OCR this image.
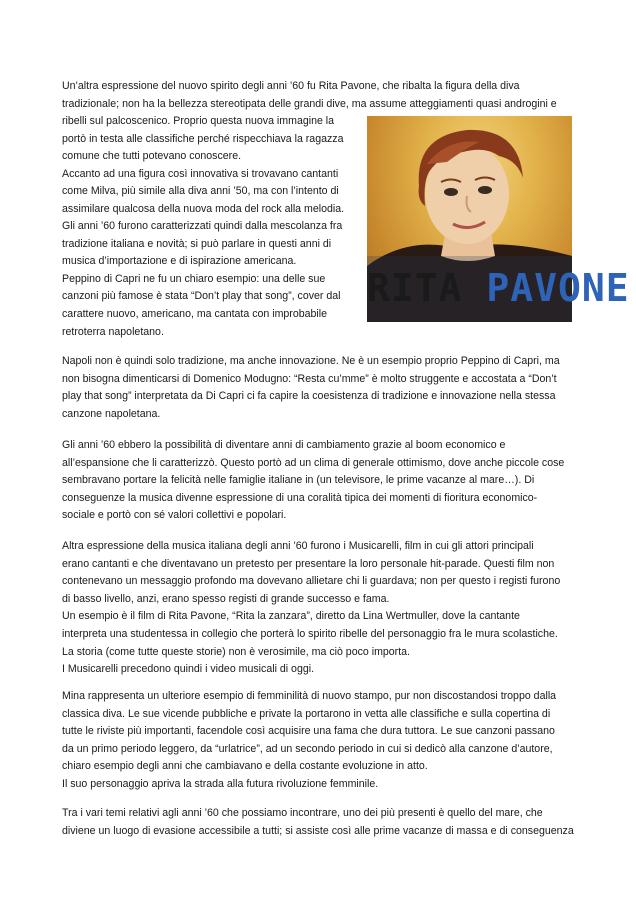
Un’altra espressione del nuovo spirito degli anni ’60 fu Rita Pavone, che ribalta la figura della diva
tradizionale; non ha la bellezza stereotipata delle grandi dive, ma assume atteggiamenti quasi androgini e

ribelli sul palcoscenico. Proprio questa nuova immagine la
portò in testa alle classifiche perché rispecchiava la ragazza
comune che tutti potevano conoscere.
Accanto ad una figura così innovativa si trovavano cantanti
come Milva, più simile alla diva anni ’50, ma con l’intento di
assimilare qualcosa della nuova moda del rock alla melodia.

Gli anni ’60 furono caratterizzati quindi dalla mescolanza fra
tradizione italiana e novità; si può parlare in questi anni di
musica d’importazione e di ispirazione americana.
Peppino di Capri ne fu un chiaro esempio: una delle sue
canzoni più famose è stata “Don’t play that song”, cover dal
carattere nuovo, americano, ma cantata con improbabile
retroterra napoletano.

Napoli non è quindi solo tradizione, ma anche innovazione. Ne è un esempio proprio Peppino di Capri, ma
non bisogna dimenticarsi di Domenico Modugno: “Resta cu’mme” è molto struggente e accostata a “Don’t
play that song” interpretata da Di Capri ci fa capire la coesistenza di tradizione e innovazione nella stessa
canzone napoletana.

Gli anni ’60 ebbero la possibilità di diventare anni di cambiamento grazie al boom economico e
all’espansione che li caratterizzò. Questo portò ad un clima di generale ottimismo, dove anche piccole cose
sembravano portare la felicità nelle famiglie italiane in (un televisore, le prime vacanze al mare…). Di
conseguenze la musica divenne espressione di una coralità tipica dei momenti di fioritura economico-
sociale e portò con sé valori collettivi e popolari.

Altra espressione della musica italiana degli anni ’60 furono i Musicarelli, film in cui gli attori principali
erano cantanti e che diventavano un pretesto per presentare la loro personale hit-parade. Questi film non
contenevano un messaggio profondo ma dovevano allietare chi li guardava; non per questo i registi furono
di basso livello, anzi, erano spesso registi di grande successo e fama.
Un esempio è il film di Rita Pavone, “Rita la zanzara”, diretto da Lina Wertmuller, dove la cantante
interpreta una studentessa in collegio che porterà lo spirito ribelle del personaggio fra le mura scolastiche.
La storia (come tutte queste storie) non è verosimile, ma ciò poco importa.
I Musicarelli precedono quindi i video musicali di oggi.

Mina rappresenta un ulteriore esempio di femminilità di nuovo stampo, pur non discostandosi troppo dalla
classica diva. Le sue vicende pubbliche e private la portarono in vetta alle classifiche e sulla copertina di
tutte le riviste più importanti, facendole così acquisire una fama che dura tuttora. Le sue canzoni passano
da un primo periodo leggero, da “urlatrice”, ad un secondo periodo in cui si dedicò alla canzone d’autore,
chiaro esempio degli anni che cambiavano e della costante evoluzione in atto.
Il suo personaggio apriva la strada alla futura rivoluzione femminile.

Tra i vari temi relativi agli anni ’60 che possiamo incontrare, uno dei più presenti è quello del mare, che
diviene un luogo di evasione accessibile a tutti; si assiste così alle prime vacanze di massa e di conseguenza

RITA PAVONE
